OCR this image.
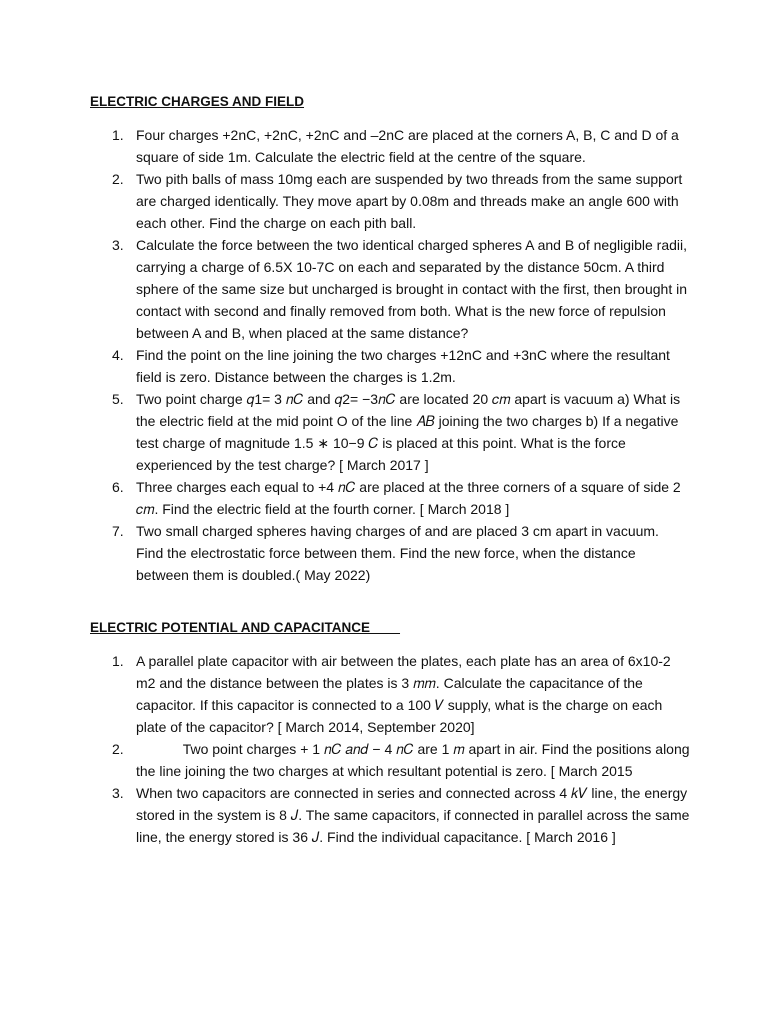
ELECTRIC CHARGES AND FIELD
1. Four charges +2nC, +2nC, +2nC and –2nC are placed at the corners A, B, C and D of a square of side 1m. Calculate the electric field at the centre of the square.
2. Two pith balls of mass 10mg each are suspended by two threads from the same support are charged identically. They move apart by 0.08m and threads make an angle 600 with each other. Find the charge on each pith ball.
3. Calculate the force between the two identical charged spheres A and B of negligible radii, carrying a charge of 6.5X 10-7C on each and separated by the distance 50cm. A third sphere of the same size but uncharged is brought in contact with the first, then brought in contact with second and finally removed from both. What is the new force of repulsion between A and B, when placed at the same distance?
4. Find the point on the line joining the two charges +12nC and +3nC where the resultant field is zero. Distance between the charges is 1.2m.
5. Two point charge 𝑞1= 3 𝑛𝐶 and 𝑞2= −3𝑛𝐶 are located 20 𝑐𝑚 apart is vacuum a) What is the electric field at the mid point O of the line 𝐴𝐵 joining the two charges b) If a negative test charge of magnitude 1.5 ∗ 10−9 𝐶 is placed at this point. What is the force experienced by the test charge? [ March 2017 ]
6. Three charges each equal to +4 𝑛𝐶 are placed at the three corners of a square of side 2 𝑐𝑚. Find the electric field at the fourth corner. [ March 2018 ]
7. Two small charged spheres having charges of and are placed 3 cm apart in vacuum. Find the electrostatic force between them. Find the new force, when the distance between them is doubled.( May 2022)
ELECTRIC POTENTIAL AND CAPACITANCE
1. A parallel plate capacitor with air between the plates, each plate has an area of 6x10-2 m2 and the distance between the plates is 3 𝑚𝑚. Calculate the capacitance of the capacitor. If this capacitor is connected to a 100 𝑉 supply, what is the charge on each plate of the capacitor? [ March 2014, September 2020]
2. Two point charges + 1 𝑛𝐶 𝑎𝑛𝑑 − 4 𝑛𝐶 are 1 𝑚 apart in air. Find the positions along the line joining the two charges at which resultant potential is zero. [ March 2015
3. When two capacitors are connected in series and connected across 4 𝑘𝑉 line, the energy stored in the system is 8 𝐽. The same capacitors, if connected in parallel across the same line, the energy stored is 36 𝐽. Find the individual capacitance. [ March 2016 ]
